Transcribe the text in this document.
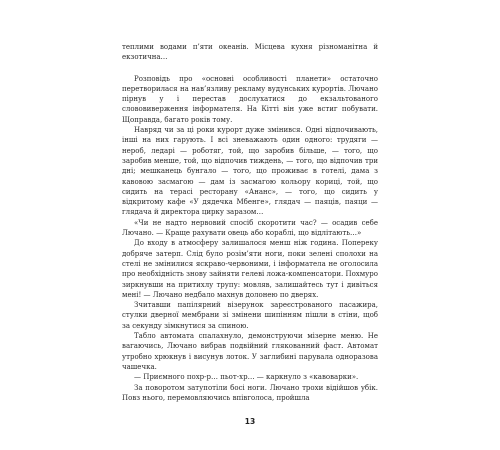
теплими водами п’яти океанів. Місцева кухня різноманітна й екзотична…

Розповідь про «основні особливості планети» остаточно перетворилася на нав’язливу рекламу вудунських курортів. Лючано пірнув у і перестав дослухатися до екзальтованого слововиверження інформателя. На Кітті він уже встиг побувати. Щоправда, багато років тому.

Навряд чи за ці роки курорт дуже змінився. Одні відпочивають, інші на них гарують. І всі зневажають один одного: трудяги — нероб, ледарі — роботяг, той, що заробив більше, — того, що заробив менше, той, що відпочив тиждень, — того, що відпочив три дні; мешканець бунгало — того, що проживає в готелі, дама з кавовою засмагою — дам із засмагою кольору кориці, той, що сидить на терасі ресторану «Ананс», — того, що сидить у відкритому кафе «У дядечка Мбенге», глядач — паяців, паяци — глядача й директора цирку заразом…

«Чи не надто нервовий спосіб скоротити час? — осадив себе Лючано. — Краще рахувати овець або кораблі, що відлітають…»

До входу в атмосферу залишалося менш ніж година. Попереку добряче затерп. Слід було розім’яти ноги, поки зелені сполохи на стелі не змінилися яскраво-червоними, і інформатела не оголосила про необхідність знову зайняти гелеві ложа-компенсатори. Похмуро зиркнувши на притихлу трупу: мовляв, залишайтесь тут і дивіться мені! — Лючано недбало махнув долонею по дверях.

Зчитавши папілярний візерунок зареєстрованого пасажира, стулки дверної мембрани зі змінени шипінням пішли в стіни, щоб за секунду зімкнутися за спиною.

Табло автомата спалахнуло, демонструючи мізерне меню. Не вагаючись, Лючано вибрав подвійний глякованний фаст. Автомат утробно хрюкнув і висунув лоток. У заглибині парувала одноразова чашечка.

— Приємного похр-р… пьот-хр… — каркнуло з «кавоварки».

За поворотом затупотіли босі ноги. Лючано трохи відійшов убік. Повз нього, перемовляючись впівголоса, пройшла

13
